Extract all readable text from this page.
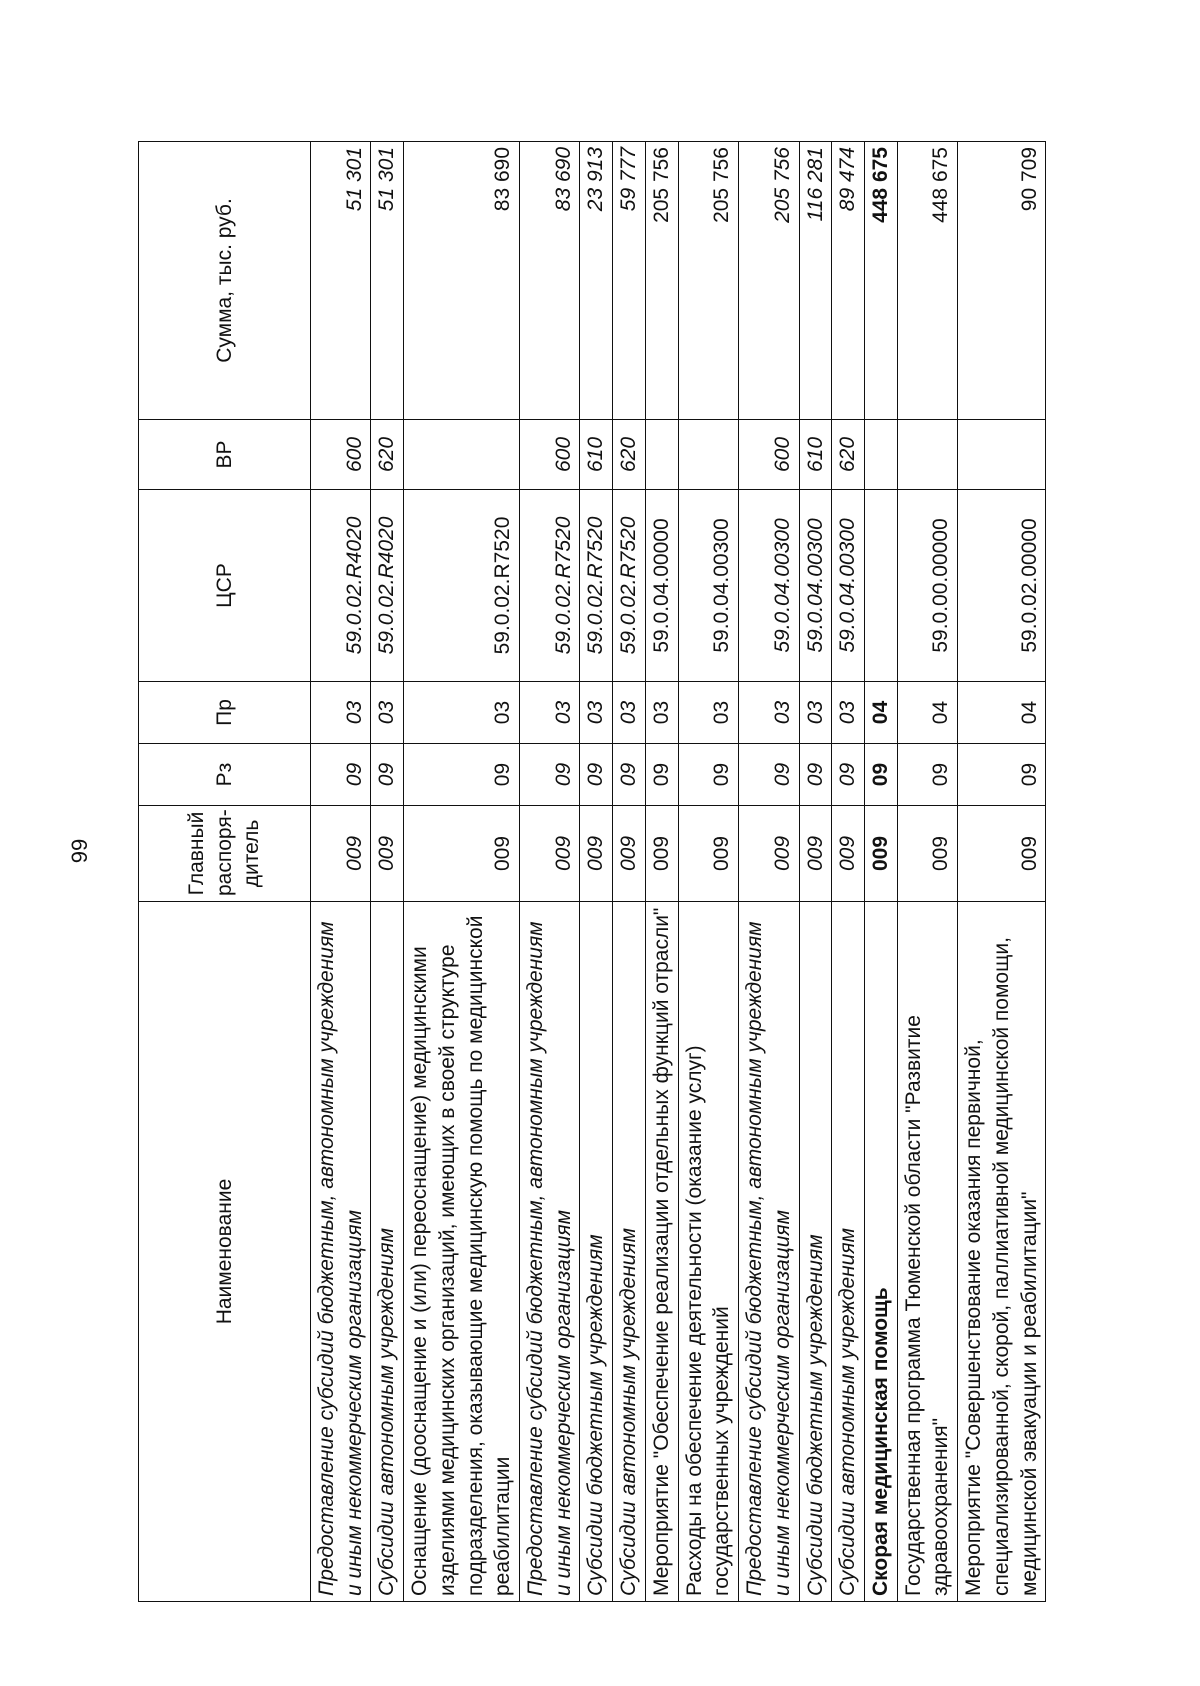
99
Наименование	Главный распоря-дитель	Рз	Пр	ЦСР	ВР	Сумма, тыс. руб.
Предоставление субсидий бюджетным, автономным учреждениям и иным некоммерческим организациям	009	09	03	59.0.02.R4020	600	51 301
Субсидии автономным учреждениям	009	09	03	59.0.02.R4020	620	51 301
Оснащение (дооснащение и (или) переоснащение) медицинскими изделиями медицинских организаций, имеющих в своей структуре подразделения, оказывающие медицинскую помощь по медицинской реабилитации	009	09	03	59.0.02.R7520		83 690
Предоставление субсидий бюджетным, автономным учреждениям и иным некоммерческим организациям	009	09	03	59.0.02.R7520	600	83 690
Субсидии бюджетным учреждениям	009	09	03	59.0.02.R7520	610	23 913
Субсидии автономным учреждениям	009	09	03	59.0.02.R7520	620	59 777
Мероприятие "Обеспечение реализации отдельных функций отрасли"	009	09	03	59.0.04.00000		205 756
Расходы на обеспечение деятельности (оказание услуг) государственных учреждений	009	09	03	59.0.04.00300		205 756
Предоставление субсидий бюджетным, автономным учреждениям и иным некоммерческим организациям	009	09	03	59.0.04.00300	600	205 756
Субсидии бюджетным учреждениям	009	09	03	59.0.04.00300	610	116 281
Субсидии автономным учреждениям	009	09	03	59.0.04.00300	620	89 474
Скорая медицинская помощь	009	09	04			448 675
Государственная программа Тюменской области "Развитие здравоохранения"	009	09	04	59.0.00.00000		448 675
Мероприятие "Совершенствование оказания первичной, специализированной, скорой, паллиативной медицинской помощи, медицинской эвакуации и реабилитации"	009	09	04	59.0.02.00000		90 709
